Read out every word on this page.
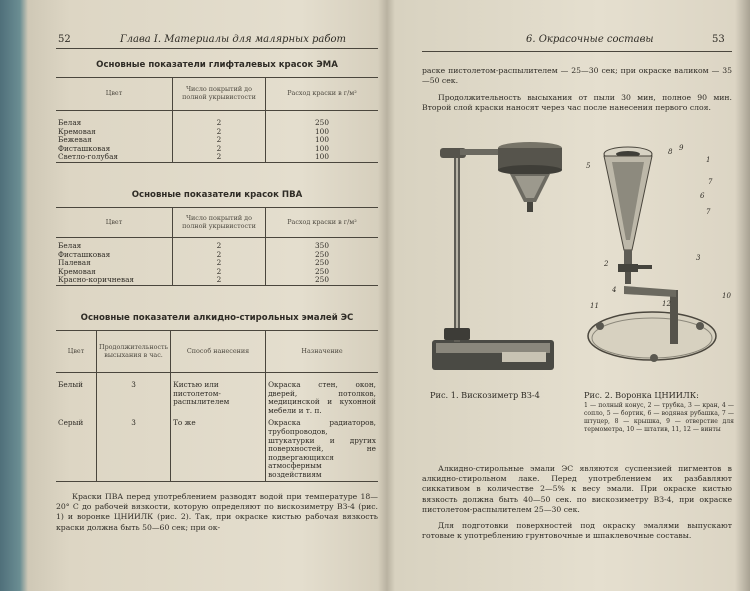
52	Глава I. Материалы для малярных работ
Основные показатели глифталевых красок ЭМА
Цвет	Число покрытий до полной укрывистости	Расход краски в г/м²

Белая	2	250
Кремовая	2	100
Бежевая	2	100
Фисташковая	2	100
Светло-голубая	2	100
Основные показатели красок ПВА
Цвет	Число покрытий до полной укрывистости	Расход краски в г/м²

Белая	2	350
Фисташковая	2	250
Палевая	2	250
Кремовая	2	250
Красно-коричневая	2	250
Основные показатели алкидно-стирольных эмалей ЭС
Цвет	Продолжительность высыхания в час.	Способ нанесения	Назначение
Белый	3	Кистью или пистолетом-распылителем	Окраска стен, окон, дверей, потолков, медицинской и кухонной мебели и т. п.
Серый	3	То же	Окраска радиаторов, трубопроводов, штукатурки и других поверхностей, не подвергающихся атмосферным воздействиям
Краски ПВА перед употреблением разводят водой при температуре 18—20° С до рабочей вязкости, которую определяют по вискозиметру ВЗ-4 (рис. 1) и воронке ЦНИИЛК (рис. 2). Так, при окраске кистью рабочая вязкость краски должна быть 50—60 сек; при ок-
6. Окрасочные составы	53
раске пистолетом-распылителем — 25—30 сек; при окраске валиком — 35—50 сек.
Продолжительность высыхания от пыли 30 мин, полное 90 мин. Второй слой краски наносят через час после нанесения первого слоя.
9
8
1
5
7
6
7
2
3
4
11	12
10
Рис. 1. Вискозиметр ВЗ-4	Рис. 2. Воронка ЦНИИЛК:
1 — полный конус, 2 — трубка, 3 — кран, 4 — сопло, 5 — бортик, 6 — водяная рубашка, 7 — штуцер, 8 — крышка, 9 — отверстие для термометра, 10 — штатив, 11, 12 — винты
Алкидно-стирольные эмали ЭС являются суспензией пигментов в алкидно-стирольном лаке. Перед употреблением их разбавляют сиккативом в количестве 2—5% к весу эмали. При окраске кистью вязкость должна быть 40—50 сек. по вискозиметру ВЗ-4, при окраске пистолетом-распылителем 25—30 сек.
Для подготовки поверхностей под окраску эмалями выпускают готовые к употреблению грунтовочные и шпаклевочные составы.
